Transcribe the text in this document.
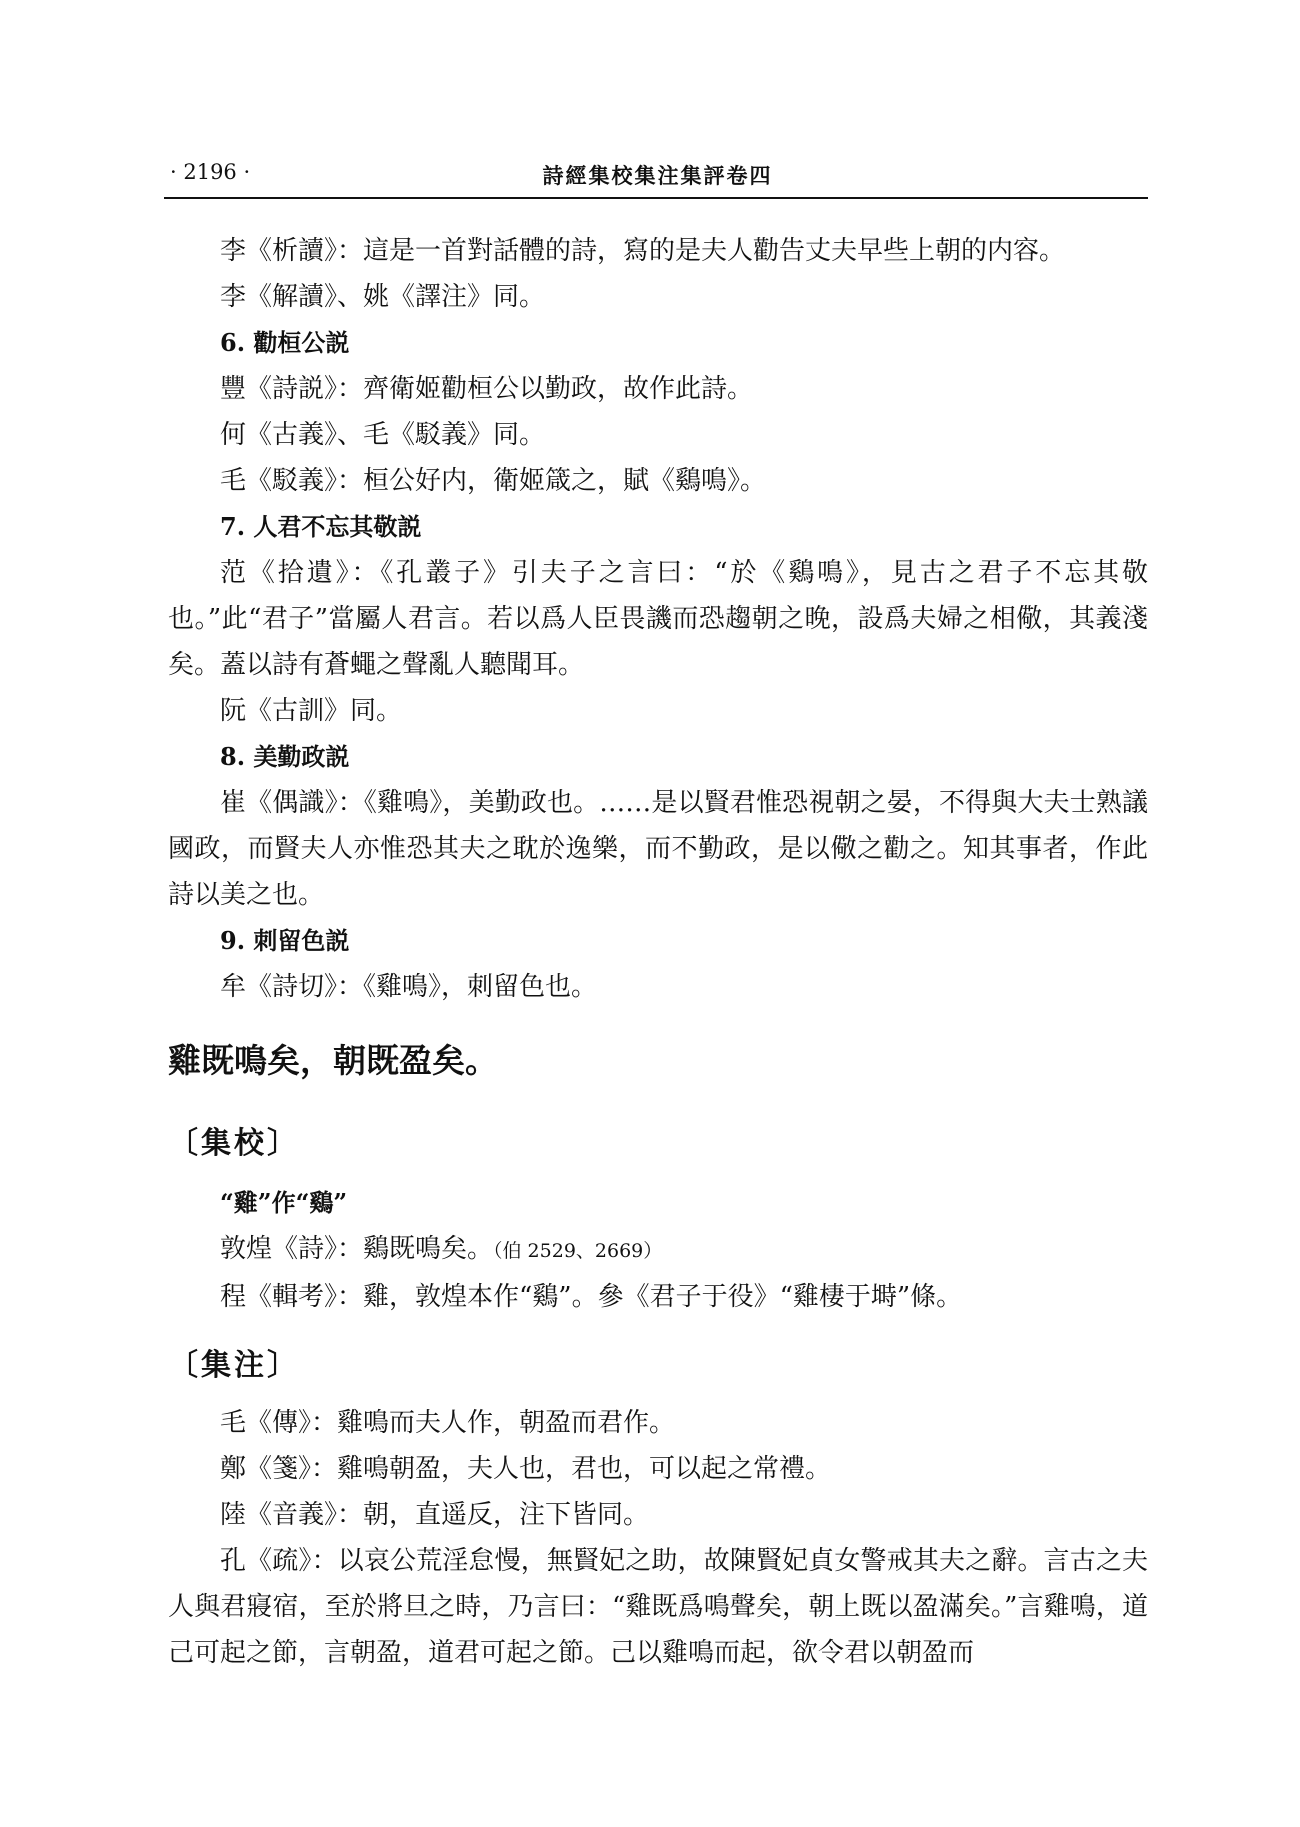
· 2196 ·	詩經集校集注集評卷四

李《析讀》：這是一首對話體的詩，寫的是夫人勸告丈夫早些上朝的内容。

李《解讀》、姚《譯注》同。

6. 勸桓公説

豐《詩説》：齊衛姬勸桓公以勤政，故作此詩。

何《古義》、毛《駁義》同。

毛《駁義》：桓公好内，衛姬箴之，賦《鷄鳴》。

7. 人君不忘其敬説

范《拾遺》：《孔叢子》引夫子之言曰：“於《鷄鳴》，見古之君子不忘其敬也。”此“君子”當屬人君言。若以爲人臣畏譏而恐趨朝之晚，設爲夫婦之相儆，其義淺矣。蓋以詩有蒼蠅之聲亂人聽聞耳。

阮《古訓》同。

8. 美勤政説

崔《偶識》：《雞鳴》，美勤政也。……是以賢君惟恐視朝之晏，不得與大夫士熟議國政，而賢夫人亦惟恐其夫之耽於逸樂，而不勤政，是以儆之勸之。知其事者，作此詩以美之也。

9. 刺留色説

牟《詩切》：《雞鳴》，刺留色也。

雞既鳴矣，朝既盈矣。
〔集校〕

“雞”作“鷄”

敦煌《詩》：鷄既鳴矣。（伯 2529、2669）

程《輯考》：雞，敦煌本作“鷄”。參《君子于役》“雞棲于塒”條。

〔集注〕

毛《傳》：雞鳴而夫人作，朝盈而君作。

鄭《箋》：雞鳴朝盈，夫人也，君也，可以起之常禮。

陸《音義》：朝，直遥反，注下皆同。

孔《疏》：以哀公荒淫怠慢，無賢妃之助，故陳賢妃貞女警戒其夫之辭。言古之夫人與君寢宿，至於將旦之時，乃言曰：“雞既爲鳴聲矣，朝上既以盈滿矣。”言雞鳴，道己可起之節，言朝盈，道君可起之節。己以雞鳴而起，欲令君以朝盈而
